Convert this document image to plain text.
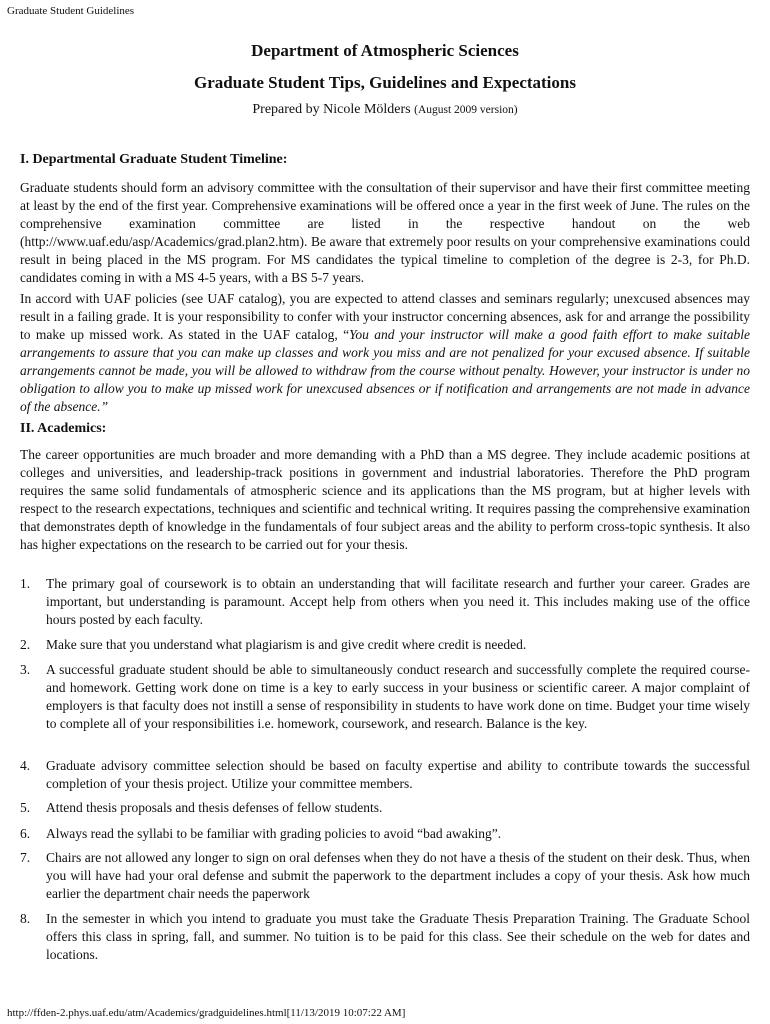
Graduate Student Guidelines
Department of Atmospheric Sciences
Graduate Student Tips, Guidelines and Expectations
Prepared by Nicole Mölders (August 2009 version)
I. Departmental Graduate Student Timeline:

Graduate students should form an advisory committee with the consultation of their supervisor and have their first committee meeting at least by the end of the first year. Comprehensive examinations will be offered once a year in the first week of June. The rules on the comprehensive examination committee are listed in the respective handout on the web (http://www.uaf.edu/asp/Academics/grad.plan2.htm). Be aware that extremely poor results on your comprehensive examinations could result in being placed in the MS program. For MS candidates the typical timeline to completion of the degree is 2-3, for Ph.D. candidates coming in with a MS 4-5 years, with a BS 5-7 years.

In accord with UAF policies (see UAF catalog), you are expected to attend classes and seminars regularly; unexcused absences may result in a failing grade. It is your responsibility to confer with your instructor concerning absences, ask for and arrange the possibility to make up missed work. As stated in the UAF catalog, “You and your instructor will make a good faith effort to make suitable arrangements to assure that you can make up classes and work you miss and are not penalized for your excused absence. If suitable arrangements cannot be made, you will be allowed to withdraw from the course without penalty. However, your instructor is under no obligation to allow you to make up missed work for unexcused absences or if notification and arrangements are not made in advance of the absence.”

II. Academics:

The career opportunities are much broader and more demanding with a PhD than a MS degree. They include academic positions at colleges and universities, and leadership-track positions in government and industrial laboratories. Therefore the PhD program requires the same solid fundamentals of atmospheric science and its applications than the MS program, but at higher levels with respect to the research expectations, techniques and scientific and technical writing. It requires passing the comprehensive examination that demonstrates depth of knowledge in the fundamentals of four subject areas and the ability to perform cross-topic synthesis. It also has higher expectations on the research to be carried out for your thesis.

1. The primary goal of coursework is to obtain an understanding that will facilitate research and further your career. Grades are important, but understanding is paramount. Accept help from others when you need it. This includes making use of the office hours posted by each faculty.
2. Make sure that you understand what plagiarism is and give credit where credit is needed.
3. A successful graduate student should be able to simultaneously conduct research and successfully complete the required course- and homework. Getting work done on time is a key to early success in your business or scientific career. A major complaint of employers is that faculty does not instill a sense of responsibility in students to have work done on time. Budget your time wisely to complete all of your responsibilities i.e. homework, coursework, and research. Balance is the key.
4. Graduate advisory committee selection should be based on faculty expertise and ability to contribute towards the successful completion of your thesis project. Utilize your committee members.
5. Attend thesis proposals and thesis defenses of fellow students.
6. Always read the syllabi to be familiar with grading policies to avoid “bad awaking”.
7. Chairs are not allowed any longer to sign on oral defenses when they do not have a thesis of the student on their desk. Thus, when you will have had your oral defense and submit the paperwork to the department includes a copy of your thesis. Ask how much earlier the department chair needs the paperwork
8. In the semester in which you intend to graduate you must take the Graduate Thesis Preparation Training. The Graduate School offers this class in spring, fall, and summer. No tuition is to be paid for this class. See their schedule on the web for dates and locations.
http://ffden-2.phys.uaf.edu/atm/Academics/gradguidelines.html[11/13/2019 10:07:22 AM]
